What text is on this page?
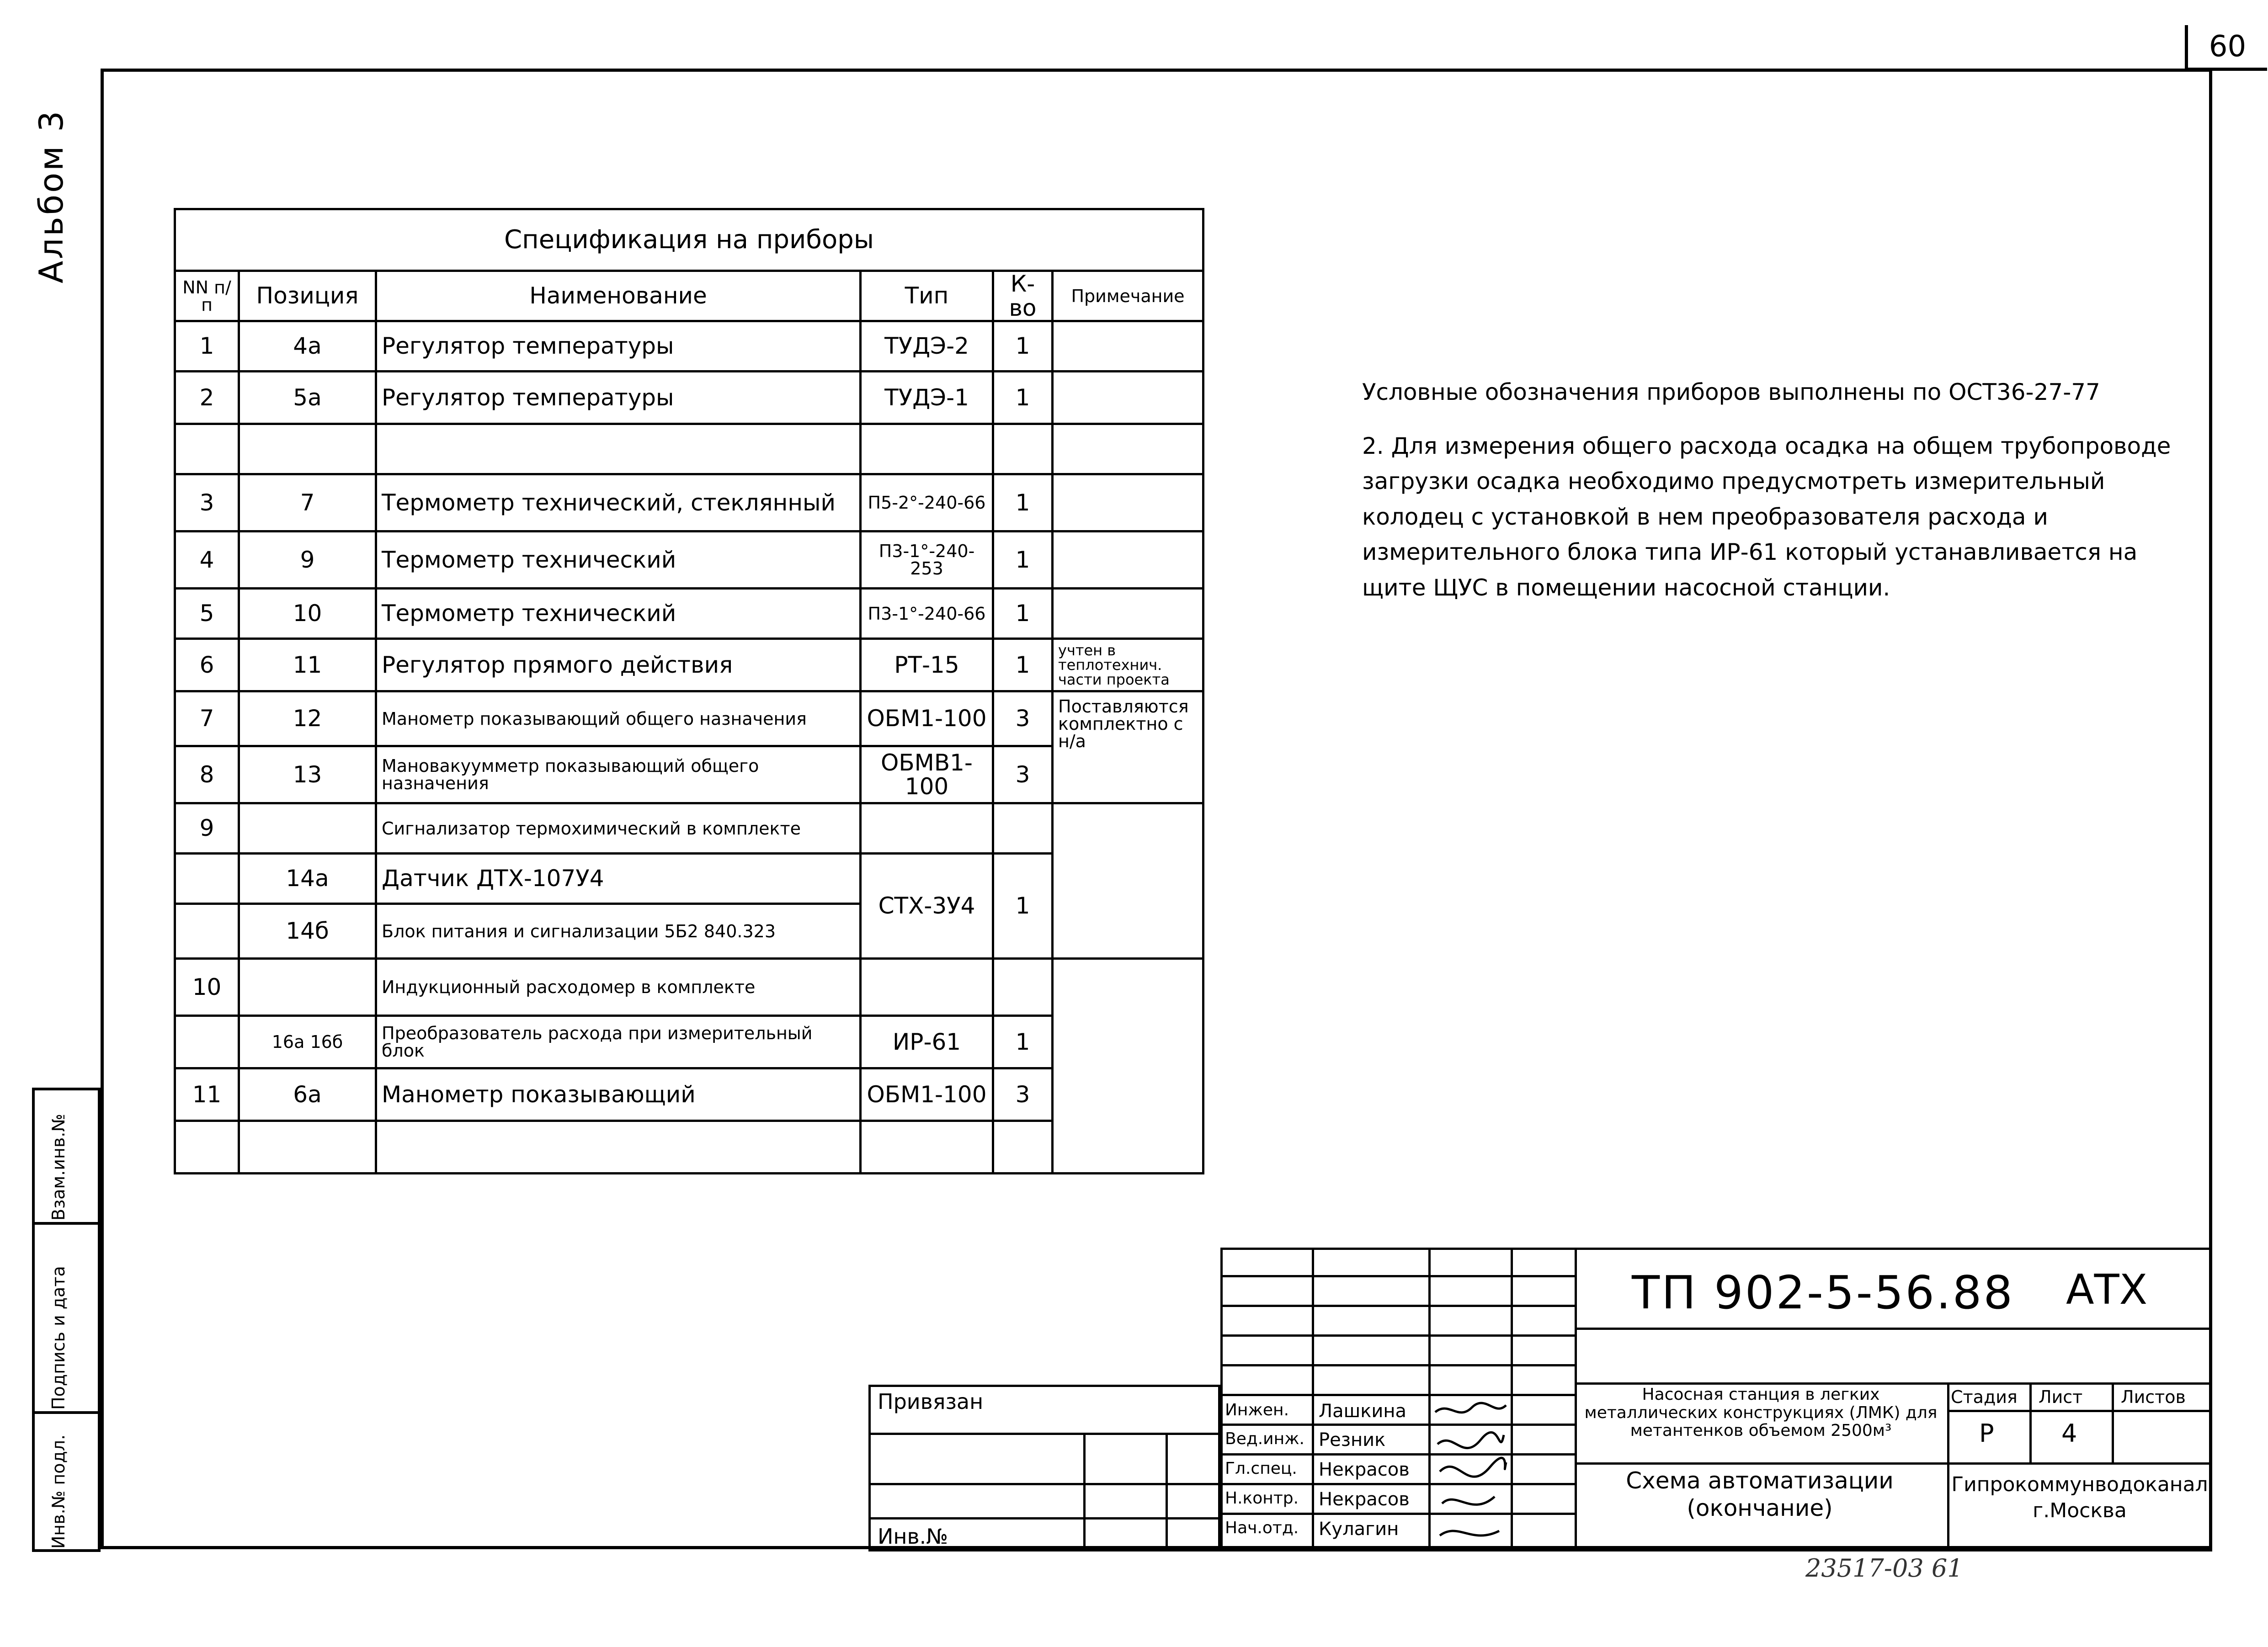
60
Альбом 3
Взам.инв.№
Подпись и дата
Инв.№ подл.
Спецификация на приборы					
NN п/п	Позиция	Наименование	Тип	К-во	Примечание
1	4а	Регулятор температуры	ТУДЭ-2	1	
2	5а	Регулятор температуры	ТУДЭ-1	1	

3	7	Термометр технический, стеклянный	П5-2°-240-66	1	
4	9	Термометр технический	П3-1°-240-253	1	
5	10	Термометр технический	П3-1°-240-66	1	
6	11	Регулятор прямого действия	РТ-15	1	учтен в теплотехнич. части проекта
7	12	Манометр показывающий общего назначения	ОБМ1-100	3	Поставляются комплектно с н/а
8	13	Мановакуумметр показывающий общего назначения	ОБМВ1-100	3	
9		Сигнализатор термохимический в комплекте			
	14а	Датчик ДТХ-107У4	СТХ-3У4	1	
	14б	Блок питания и сигнализации 5Б2 840.323			
10		Индукционный расходомер в комплекте			
	16а 16б	Преобразователь расхода при измерительный блок	ИР-61	1	
11	6а	Манометр показывающий	ОБМ1-100	3	

Условные обозначения приборов выполнены по ОСТ36-27-77
2. Для измерения общего расхода осадка на общем трубопроводе загрузки осадка необходимо предусмотреть измерительный колодец с установкой в нем преобразователя расхода и измерительного блока типа ИР-61 который устанавливается на щите ЩУС в помещении насосной станции.
Инжен. Лашкина
Вед.инж. Резник
Гл.спец. Некрасов
Н.контр. Некрасов
Нач.отд. Кулагин
Привязан
Инв.№
ТП 902-5-56.88 АТХ
Насосная станция в легких металлических конструкциях (ЛМК) для метантенков объемом 2500м³
Схема автоматизации (окончание)
Стадия Лист Листов
Р	4
Гипрокоммунводоканал г.Москва
23517-03 61
